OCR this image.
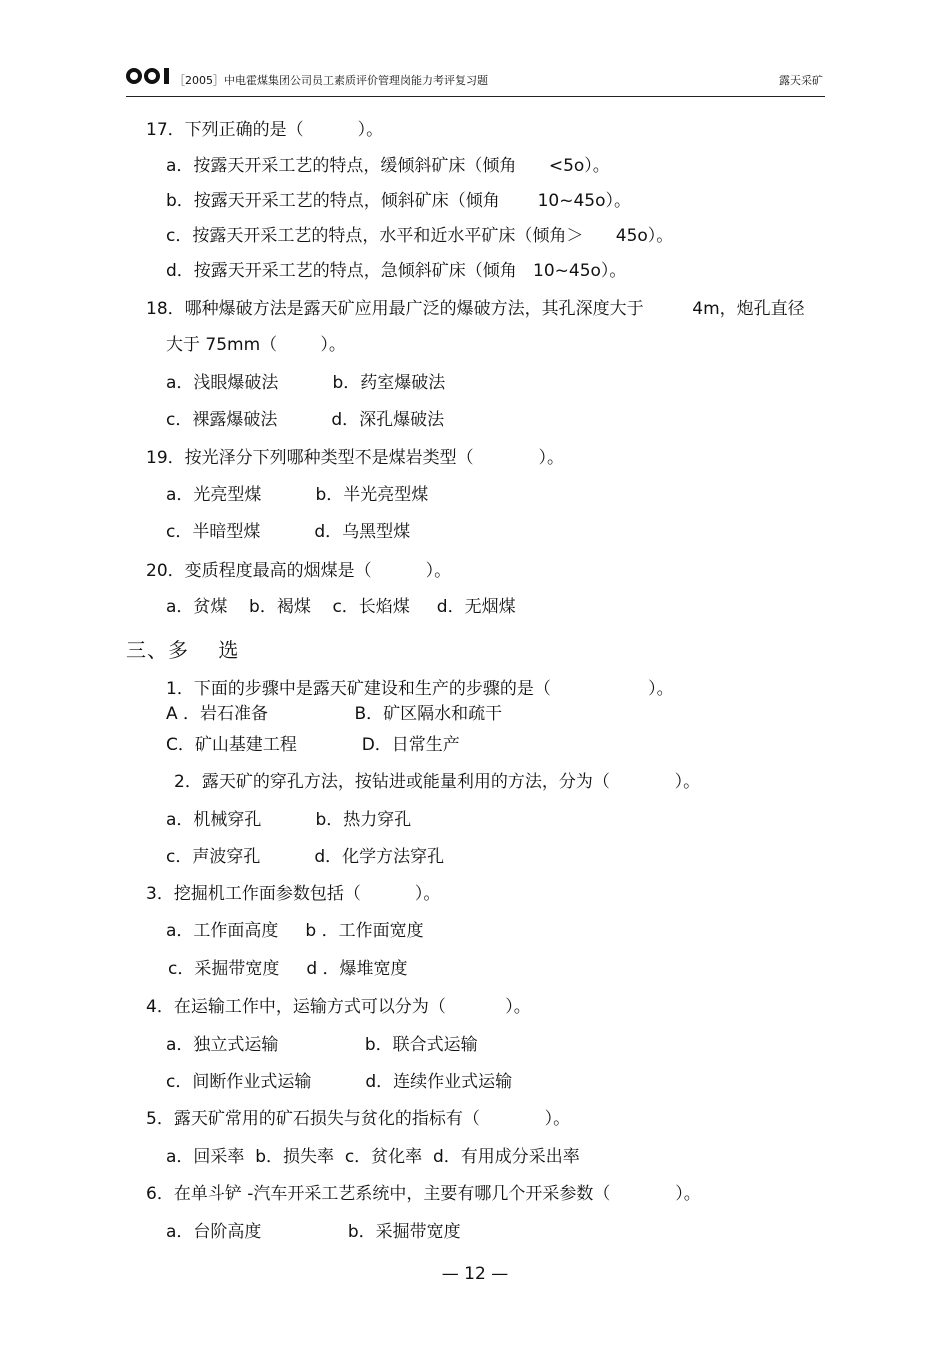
［2005］中电霍煤集团公司员工素质评价管理岗能力考评复习题	露天采矿
17．下列正确的是（          ）。
a．按露天开采工艺的特点，缓倾斜矿床（倾角      <5o）。
b．按露天开采工艺的特点，倾斜矿床（倾角       10~45o）。
c．按露天开采工艺的特点，水平和近水平矿床（倾角＞      45o）。
d．按露天开采工艺的特点，急倾斜矿床（倾角   10~45o）。
18．哪种爆破方法是露天矿应用最广泛的爆破方法，其孔深度大于         4m，炮孔直径
大于 75mm（        ）。
a．浅眼爆破法          b．药室爆破法
c．裸露爆破法          d．深孔爆破法
19．按光泽分下列哪种类型不是煤岩类型（            ）。
a．光亮型煤          b．半光亮型煤
c．半暗型煤          d．乌黑型煤
20．变质程度最高的烟煤是（          ）。
a．贫煤    b．褐煤    c．长焰煤     d．无烟煤
三、多    选
1．下面的步骤中是露天矿建设和生产的步骤的是（                  ）。
A ．岩石准备                B．矿区隔水和疏干
C．矿山基建工程            D．日常生产
2．露天矿的穿孔方法，按钻进或能量利用的方法，分为（            ）。
a．机械穿孔          b．热力穿孔
c．声波穿孔          d．化学方法穿孔
3．挖掘机工作面参数包括（          ）。
a．工作面高度     b ．工作面宽度
c．采掘带宽度     d ．爆堆宽度
4．在运输工作中，运输方式可以分为（           ）。
a．独立式运输                b．联合式运输
c．间断作业式运输          d．连续作业式运输
5．露天矿常用的矿石损失与贫化的指标有（            ）。
a．回采率  b．损失率  c．贫化率  d．有用成分采出率
6．在单斗铲 -汽车开采工艺系统中，主要有哪几个开采参数（            ）。
a．台阶高度                b．采掘带宽度
— 12 —
